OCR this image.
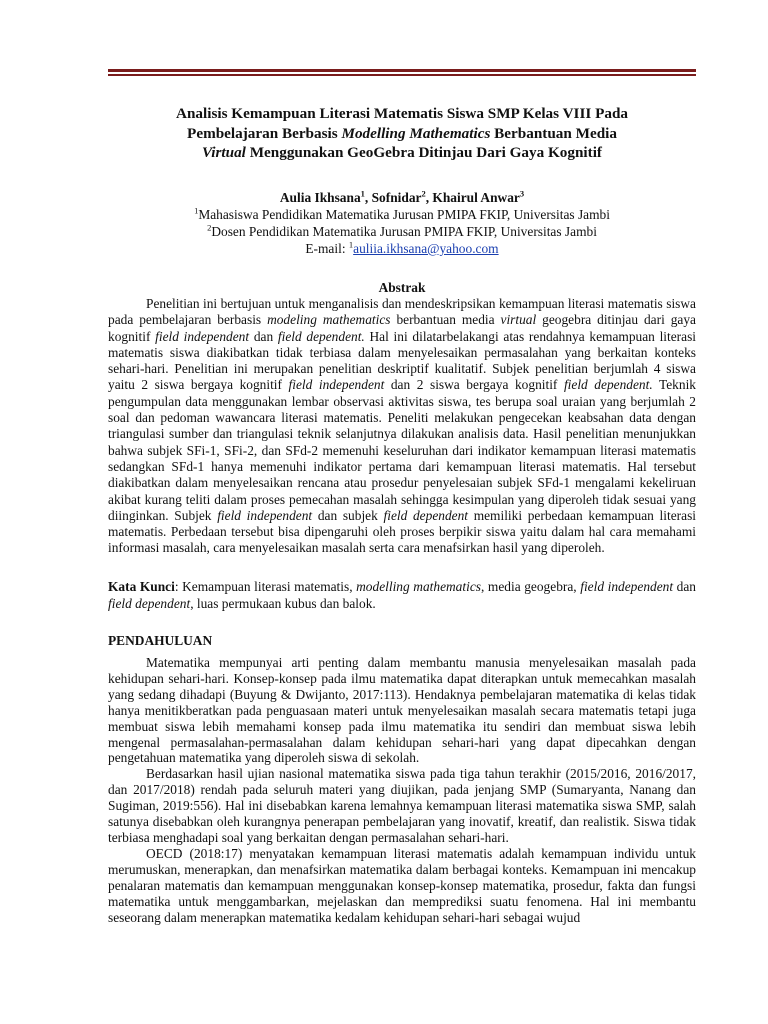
Analisis Kemampuan Literasi Matematis Siswa SMP Kelas VIII Pada
Pembelajaran Berbasis Modelling Mathematics Berbantuan Media
Virtual Menggunakan GeoGebra Ditinjau Dari Gaya Kognitif
Aulia Ikhsana$^1$, Sofnidar$^2$, Khairul Anwar$^3$
$^1$Mahasiswa Pendidikan Matematika Jurusan PMIPA FKIP, Universitas Jambi
$^2$Dosen Pendidikan Matematika Jurusan PMIPA FKIP, Universitas Jambi
E-mail: $^1$auliia.ikhsana@yahoo.com
Abstrak

Penelitian ini bertujuan untuk menganalisis dan mendeskripsikan kemampuan literasi matematis siswa pada pembelajaran berbasis modeling mathematics berbantuan media virtual geogebra ditinjau dari gaya kognitif field independent dan field dependent. Hal ini dilatarbelakangi atas rendahnya kemampuan literasi matematis siswa diakibatkan tidak terbiasa dalam menyelesaikan permasalahan yang berkaitan konteks sehari-hari. Penelitian ini merupakan penelitian deskriptif kualitatif. Subjek penelitian berjumlah 4 siswa yaitu 2 siswa bergaya kognitif field independent dan 2 siswa bergaya kognitif field dependent. Teknik pengumpulan data menggunakan lembar observasi aktivitas siswa, tes berupa soal uraian yang berjumlah 2 soal dan pedoman wawancara literasi matematis. Peneliti melakukan pengecekan keabsahan data dengan triangulasi sumber dan triangulasi teknik selanjutnya dilakukan analisis data. Hasil penelitian menunjukkan bahwa subjek SFi-1, SFi-2, dan SFd-2 memenuhi keseluruhan dari indikator kemampuan literasi matematis sedangkan SFd-1 hanya memenuhi indikator pertama dari kemampuan literasi matematis. Hal tersebut diakibatkan dalam menyelesaikan rencana atau prosedur penyelesaian subjek SFd-1 mengalami kekeliruan akibat kurang teliti dalam proses pemecahan masalah sehingga kesimpulan yang diperoleh tidak sesuai yang diinginkan. Subjek field independent dan subjek field dependent memiliki perbedaan kemampuan literasi matematis. Perbedaan tersebut bisa dipengaruhi oleh proses berpikir siswa yaitu dalam hal cara memahami informasi masalah, cara menyelesaikan masalah serta cara menafsirkan hasil yang diperoleh.

Kata Kunci: Kemampuan literasi matematis, modelling mathematics, media geogebra, field independent dan field dependent, luas permukaan kubus dan balok.

PENDAHULUAN

Matematika mempunyai arti penting dalam membantu manusia menyelesaikan masalah pada kehidupan sehari-hari. Konsep-konsep pada ilmu matematika dapat diterapkan untuk memecahkan masalah yang sedang dihadapi (Buyung & Dwijanto, 2017:113). Hendaknya pembelajaran matematika di kelas tidak hanya menitikberatkan pada penguasaan materi untuk menyelesaikan masalah secara matematis tetapi juga membuat siswa lebih memahami konsep pada ilmu matematika itu sendiri dan membuat siswa lebih mengenal permasalahan-permasalahan dalam kehidupan sehari-hari yang dapat dipecahkan dengan pengetahuan matematika yang diperoleh siswa di sekolah.

Berdasarkan hasil ujian nasional matematika siswa pada tiga tahun terakhir (2015/2016, 2016/2017, dan 2017/2018) rendah pada seluruh materi yang diujikan, pada jenjang SMP (Sumaryanta, Nanang dan Sugiman, 2019:556). Hal ini disebabkan karena lemahnya kemampuan literasi matematika siswa SMP, salah satunya disebabkan oleh kurangnya penerapan pembelajaran yang inovatif, kreatif, dan realistik. Siswa tidak terbiasa menghadapi soal yang berkaitan dengan permasalahan sehari-hari.

OECD (2018:17) menyatakan kemampuan literasi matematis adalah kemampuan individu untuk merumuskan, menerapkan, dan menafsirkan matematika dalam berbagai konteks. Kemampuan ini mencakup penalaran matematis dan kemampuan menggunakan konsep-konsep matematika, prosedur, fakta dan fungsi matematika untuk menggambarkan, mejelaskan dan memprediksi suatu fenomena. Hal ini membantu seseorang dalam menerapkan matematika kedalam kehidupan sehari-hari sebagai wujud
